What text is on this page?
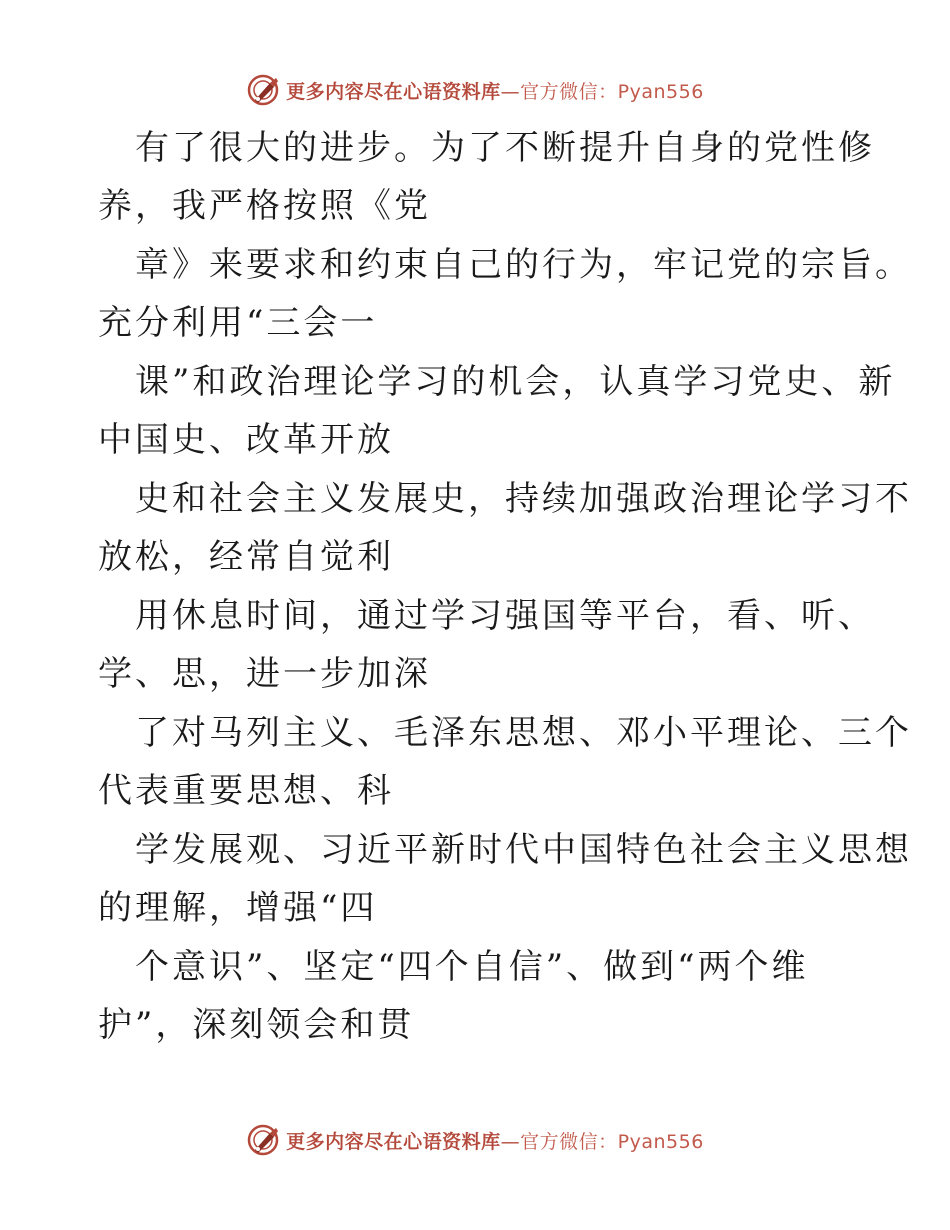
更多内容尽在心语资料库—官方微信：Pyan556
有了很大的进步。为了不断提升自身的党性修
养，我严格按照《党
章》来要求和约束自己的行为，牢记党的宗旨。
充分利用“三会一
课”和政治理论学习的机会，认真学习党史、新
中国史、改革开放
史和社会主义发展史，持续加强政治理论学习不
放松，经常自觉利
用休息时间，通过学习强国等平台，看、听、
学、思，进一步加深
了对马列主义、毛泽东思想、邓小平理论、三个
代表重要思想、科
学发展观、习近平新时代中国特色社会主义思想
的理解，增强“四
个意识”、坚定“四个自信”、做到“两个维
护”，深刻领会和贯
更多内容尽在心语资料库—官方微信：Pyan556
